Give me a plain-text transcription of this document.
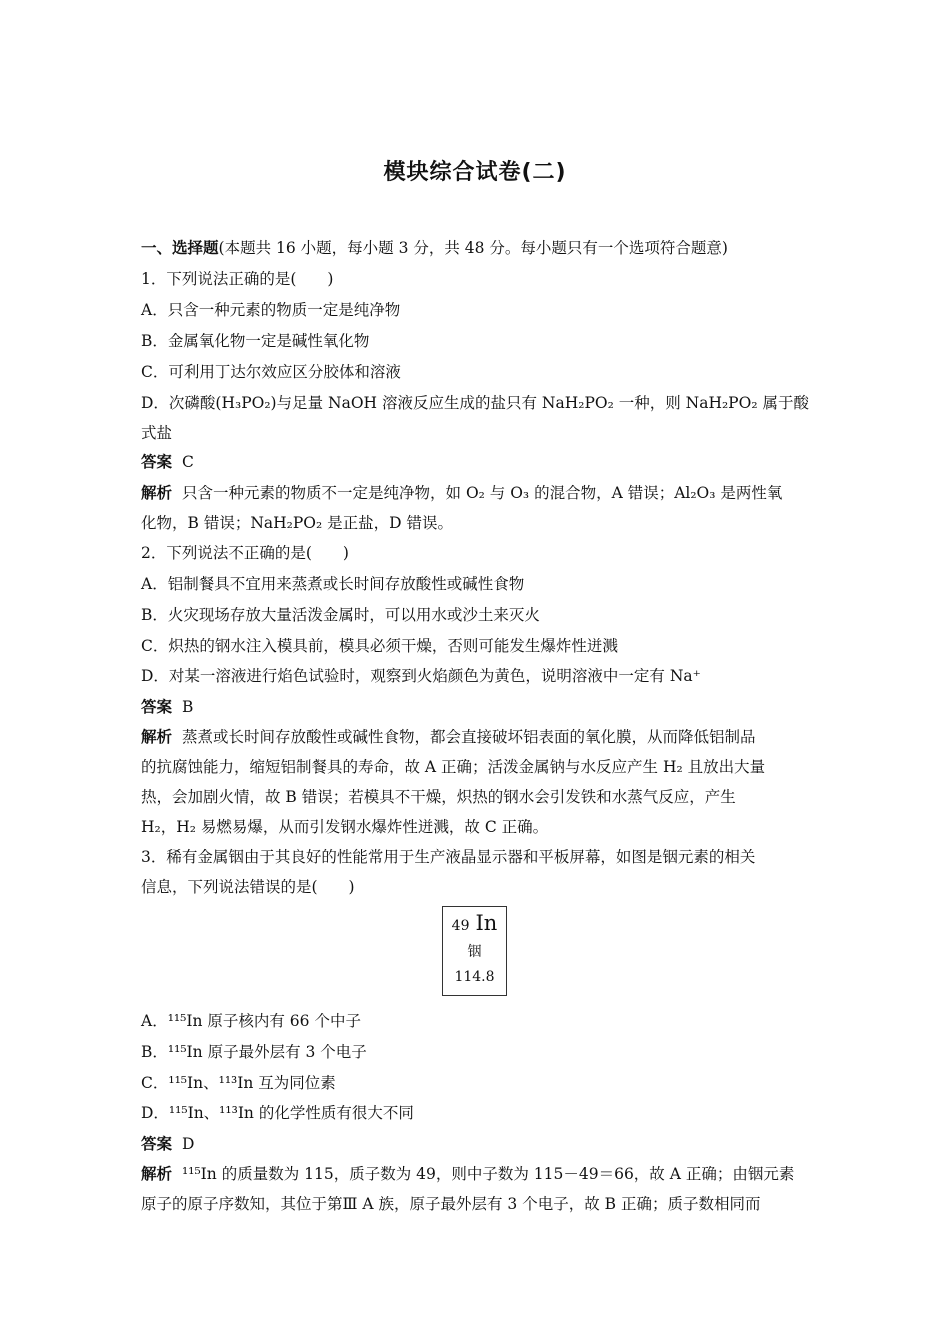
模块综合试卷(二)
一、选择题(本题共 16 小题，每小题 3 分，共 48 分。每小题只有一个选项符合题意)
1．下列说法正确的是(　　)
A．只含一种元素的物质一定是纯净物
B．金属氧化物一定是碱性氧化物
C．可利用丁达尔效应区分胶体和溶液
D．次磷酸(H₃PO₂)与足量 NaOH 溶液反应生成的盐只有 NaH₂PO₂ 一种，则 NaH₂PO₂ 属于酸
式盐
答案 C
解析 只含一种元素的物质不一定是纯净物，如 O₂ 与 O₃ 的混合物，A 错误；Al₂O₃ 是两性氧
化物，B 错误；NaH₂PO₂ 是正盐，D 错误。
2．下列说法不正确的是(　　)
A．铝制餐具不宜用来蒸煮或长时间存放酸性或碱性食物
B．火灾现场存放大量活泼金属时，可以用水或沙土来灭火
C．炽热的钢水注入模具前，模具必须干燥，否则可能发生爆炸性迸溅
D．对某一溶液进行焰色试验时，观察到火焰颜色为黄色，说明溶液中一定有 Na⁺
答案 B
解析 蒸煮或长时间存放酸性或碱性食物，都会直接破坏铝表面的氧化膜，从而降低铝制品
的抗腐蚀能力，缩短铝制餐具的寿命，故 A 正确；活泼金属钠与水反应产生 H₂ 且放出大量
热，会加剧火情，故 B 错误；若模具不干燥，炽热的钢水会引发铁和水蒸气反应，产生
H₂，H₂ 易燃易爆，从而引发钢水爆炸性迸溅，故 C 正确。
3．稀有金属铟由于其良好的性能常用于生产液晶显示器和平板屏幕，如图是铟元素的相关
信息，下列说法错误的是(　　)
49 In
铟
114.8
A．¹¹⁵In 原子核内有 66 个中子
B．¹¹⁵In 原子最外层有 3 个电子
C．¹¹⁵In、¹¹³In 互为同位素
D．¹¹⁵In、¹¹³In 的化学性质有很大不同
答案 D
解析 ¹¹⁵In 的质量数为 115，质子数为 49，则中子数为 115－49＝66，故 A 正确；由铟元素
原子的原子序数知，其位于第Ⅲ A 族，原子最外层有 3 个电子，故 B 正确；质子数相同而
